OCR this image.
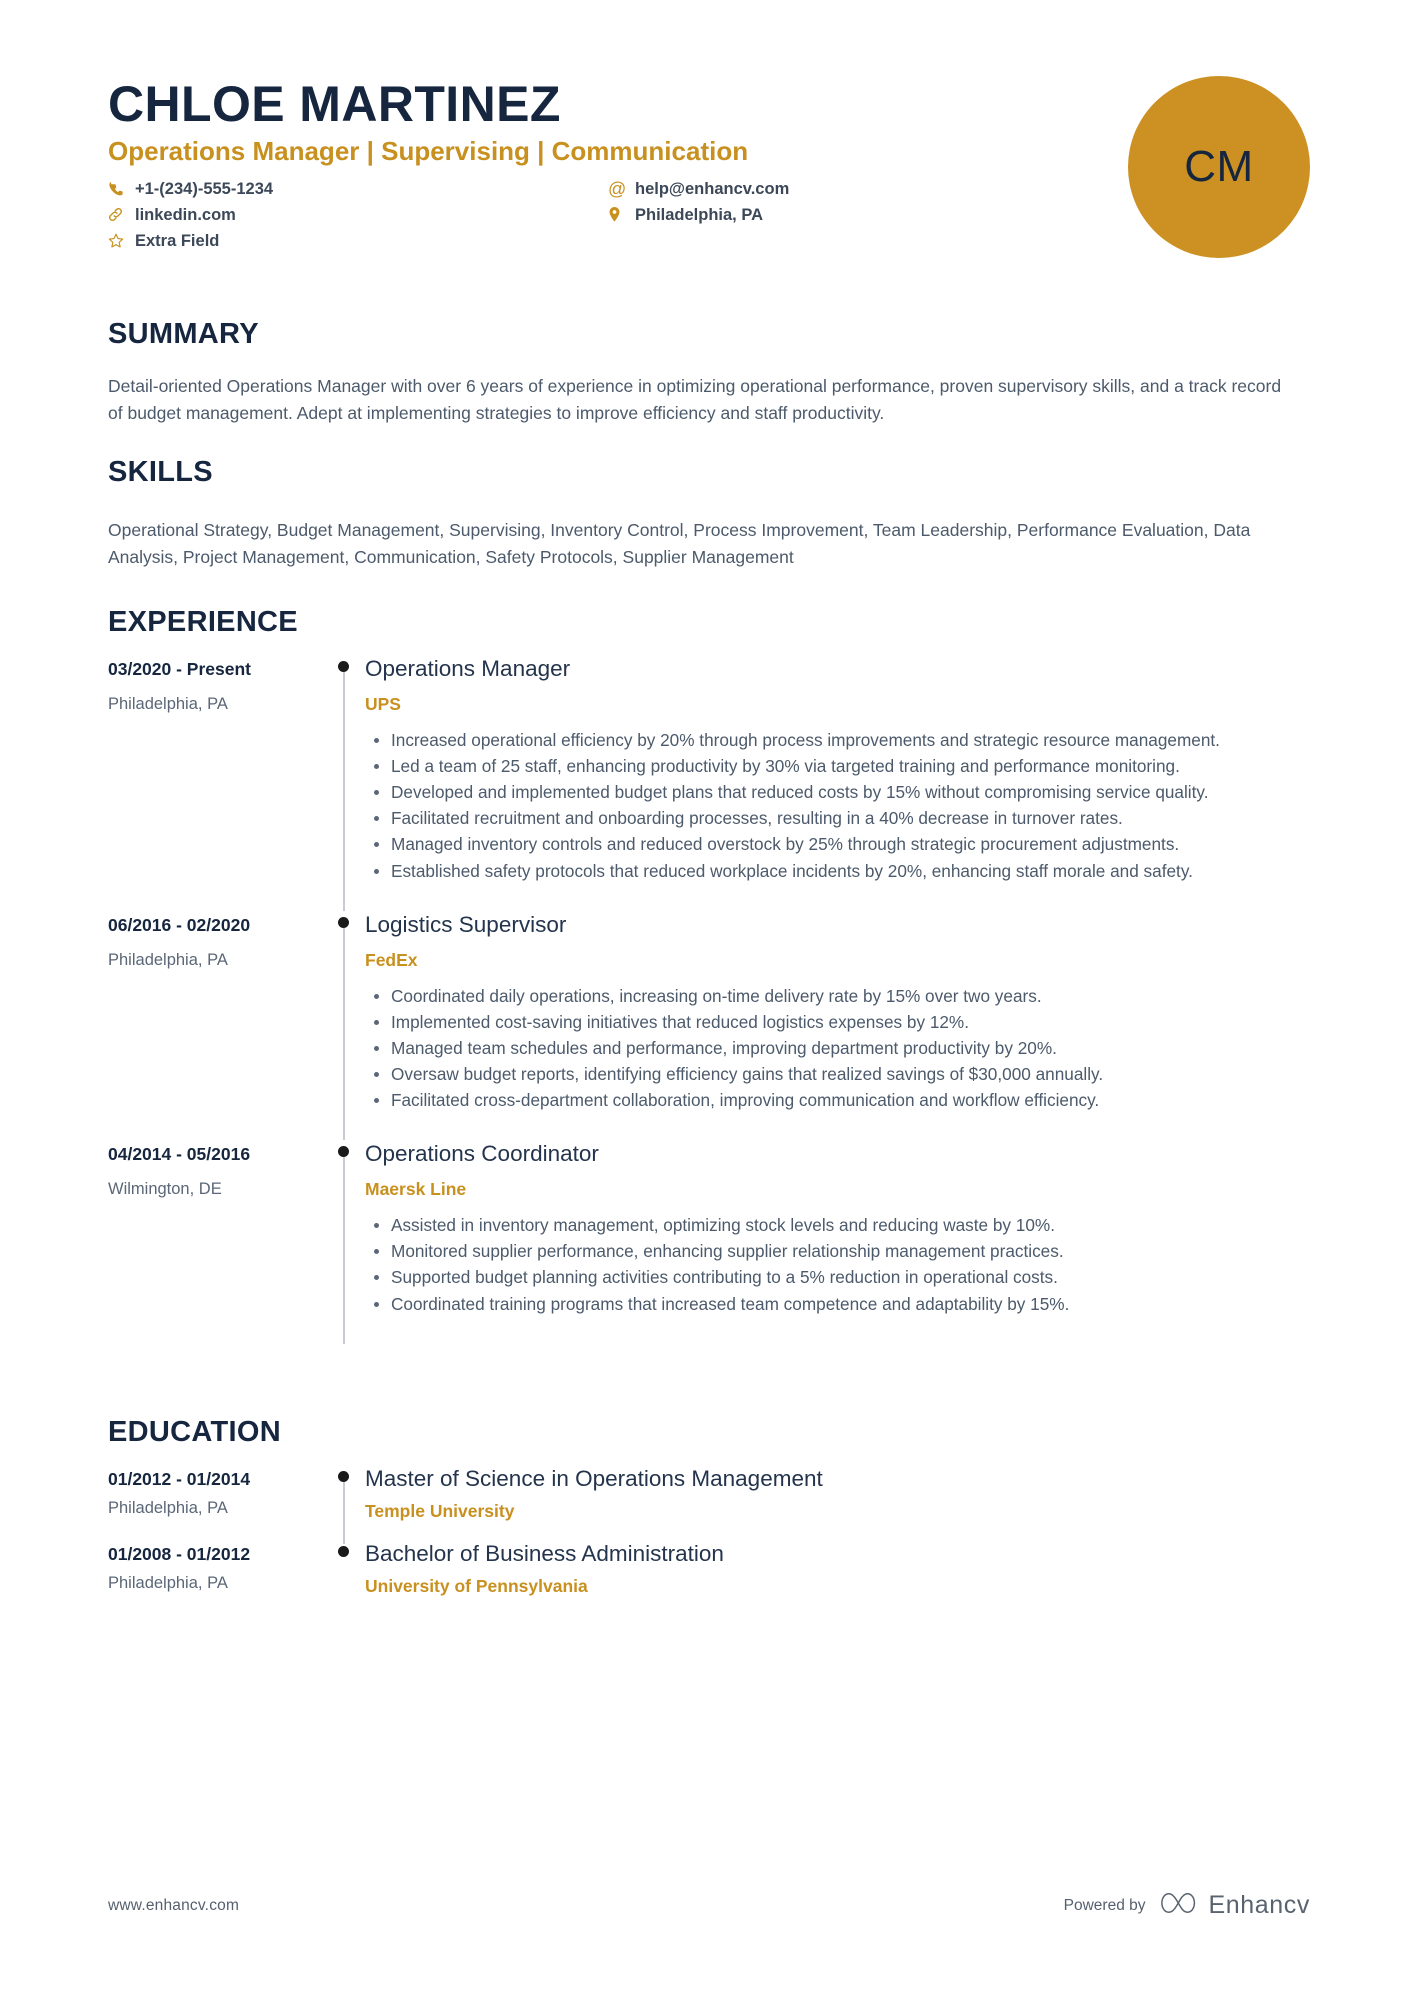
CHLOE MARTINEZ
Operations Manager | Supervising | Communication
+1-(234)-555-1234	@ help@enhancv.com
linkedin.com	Philadelphia, PA
Extra Field
CM
SUMMARY

Detail-oriented Operations Manager with over 6 years of experience in optimizing operational performance, proven supervisory skills, and a track record of budget management. Adept at implementing strategies to improve efficiency and staff productivity.

SKILLS

Operational Strategy, Budget Management, Supervising, Inventory Control, Process Improvement, Team Leadership, Performance Evaluation, Data Analysis, Project Management, Communication, Safety Protocols, Supplier Management

EXPERIENCE
03/2020 - Present
Philadelphia, PA
Operations Manager
UPS
Increased operational efficiency by 20% through process improvements and strategic resource management.
Led a team of 25 staff, enhancing productivity by 30% via targeted training and performance monitoring.
Developed and implemented budget plans that reduced costs by 15% without compromising service quality.
Facilitated recruitment and onboarding processes, resulting in a 40% decrease in turnover rates.
Managed inventory controls and reduced overstock by 25% through strategic procurement adjustments.
Established safety protocols that reduced workplace incidents by 20%, enhancing staff morale and safety.
06/2016 - 02/2020
Philadelphia, PA
Logistics Supervisor
FedEx
Coordinated daily operations, increasing on-time delivery rate by 15% over two years.
Implemented cost-saving initiatives that reduced logistics expenses by 12%.
Managed team schedules and performance, improving department productivity by 20%.
Oversaw budget reports, identifying efficiency gains that realized savings of $30,000 annually.
Facilitated cross-department collaboration, improving communication and workflow efficiency.
04/2014 - 05/2016
Wilmington, DE
Operations Coordinator
Maersk Line
Assisted in inventory management, optimizing stock levels and reducing waste by 10%.
Monitored supplier performance, enhancing supplier relationship management practices.
Supported budget planning activities contributing to a 5% reduction in operational costs.
Coordinated training programs that increased team competence and adaptability by 15%.
EDUCATION
01/2012 - 01/2014
Philadelphia, PA
Master of Science in Operations Management
Temple University
01/2008 - 01/2012
Philadelphia, PA
Bachelor of Business Administration
University of Pennsylvania
www.enhancv.com	Powered by	Enhancv
